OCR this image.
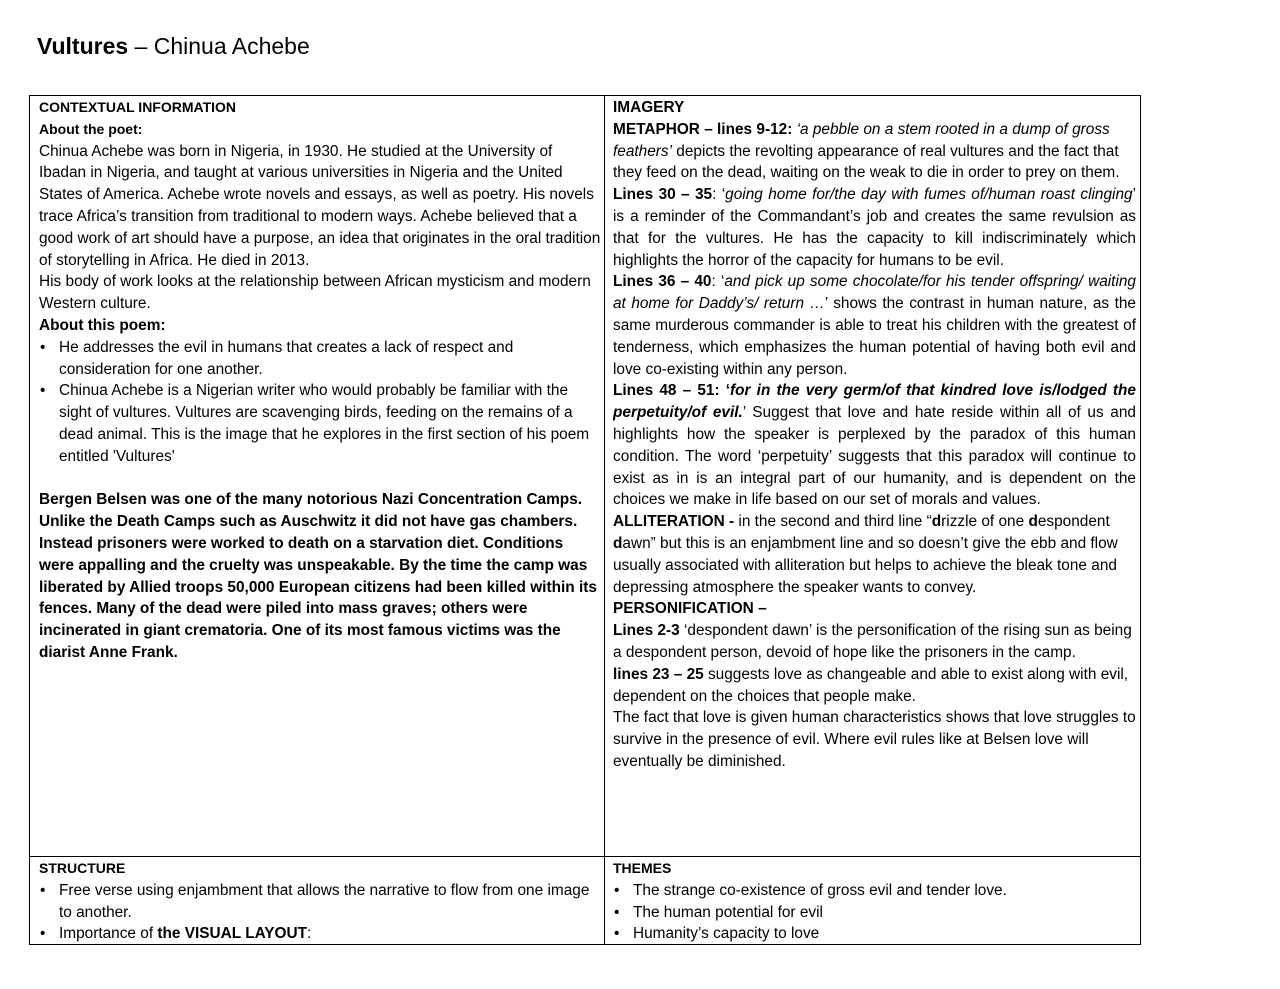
Vultures – Chinua Achebe
CONTEXTUAL INFORMATION
About the poet:

Chinua Achebe was born in Nigeria, in 1930. He studied at the University of Ibadan in Nigeria, and taught at various universities in Nigeria and the United States of America. Achebe wrote novels and essays, as well as poetry. His novels trace Africa’s transition from traditional to modern ways. Achebe believed that a good work of art should have a purpose, an idea that originates in the oral tradition of storytelling in Africa. He died in 2013.

His body of work looks at the relationship between African mysticism and modern Western culture.

About this poem:
• He addresses the evil in humans that creates a lack of respect and consideration for one another.
• Chinua Achebe is a Nigerian writer who would probably be familiar with the sight of vultures. Vultures are scavenging birds, feeding on the remains of a dead animal. This is the image that he explores in the first section of his poem entitled 'Vultures'

Bergen Belsen was one of the many notorious Nazi Concentration Camps. Unlike the Death Camps such as Auschwitz it did not have gas chambers. Instead prisoners were worked to death on a starvation diet. Conditions were appalling and the cruelty was unspeakable. By the time the camp was liberated by Allied troops 50,000 European citizens had been killed within its fences. Many of the dead were piled into mass graves; others were incinerated in giant crematoria. One of its most famous victims was the diarist Anne Frank.

IMAGERY

METAPHOR – lines 9-12: ‘a pebble on a stem rooted in a dump of gross feathers’ depicts the revolting appearance of real vultures and the fact that they feed on the dead, waiting on the weak to die in order to prey on them.

Lines 30 – 35: ‘going home for/the day with fumes of/human roast clinging’ is a reminder of the Commandant’s job and creates the same revulsion as that for the vultures. He has the capacity to kill indiscriminately which highlights the horror of the capacity for humans to be evil.

Lines 36 – 40: ‘and pick up some chocolate/for his tender offspring/ waiting at home for Daddy’s/ return …’ shows the contrast in human nature, as the same murderous commander is able to treat his children with the greatest of tenderness, which emphasizes the human potential of having both evil and love co-existing within any person.

Lines 48 – 51: ‘for in the very germ/of that kindred love is/lodged the perpetuity/of evil.’ Suggest that love and hate reside within all of us and highlights how the speaker is perplexed by the paradox of this human condition. The word ‘perpetuity’ suggests that this paradox will continue to exist as in is an integral part of our humanity, and is dependent on the choices we make in life based on our set of morals and values.

ALLITERATION - in the second and third line “drizzle of one despondent dawn” but this is an enjambment line and so doesn’t give the ebb and flow usually associated with alliteration but helps to achieve the bleak tone and depressing atmosphere the speaker wants to convey.

PERSONIFICATION –

Lines 2-3 ‘despondent dawn’ is the personification of the rising sun as being a despondent person, devoid of hope like the prisoners in the camp.

lines 23 – 25 suggests love as changeable and able to exist along with evil, dependent on the choices that people make.

The fact that love is given human characteristics shows that love struggles to survive in the presence of evil. Where evil rules like at Belsen love will eventually be diminished.

STRUCTURE
• Free verse using enjambment that allows the narrative to flow from one image to another.
• Importance of the VISUAL LAYOUT:
THEMES
• The strange co-existence of gross evil and tender love.
• The human potential for evil
• Humanity’s capacity to love
